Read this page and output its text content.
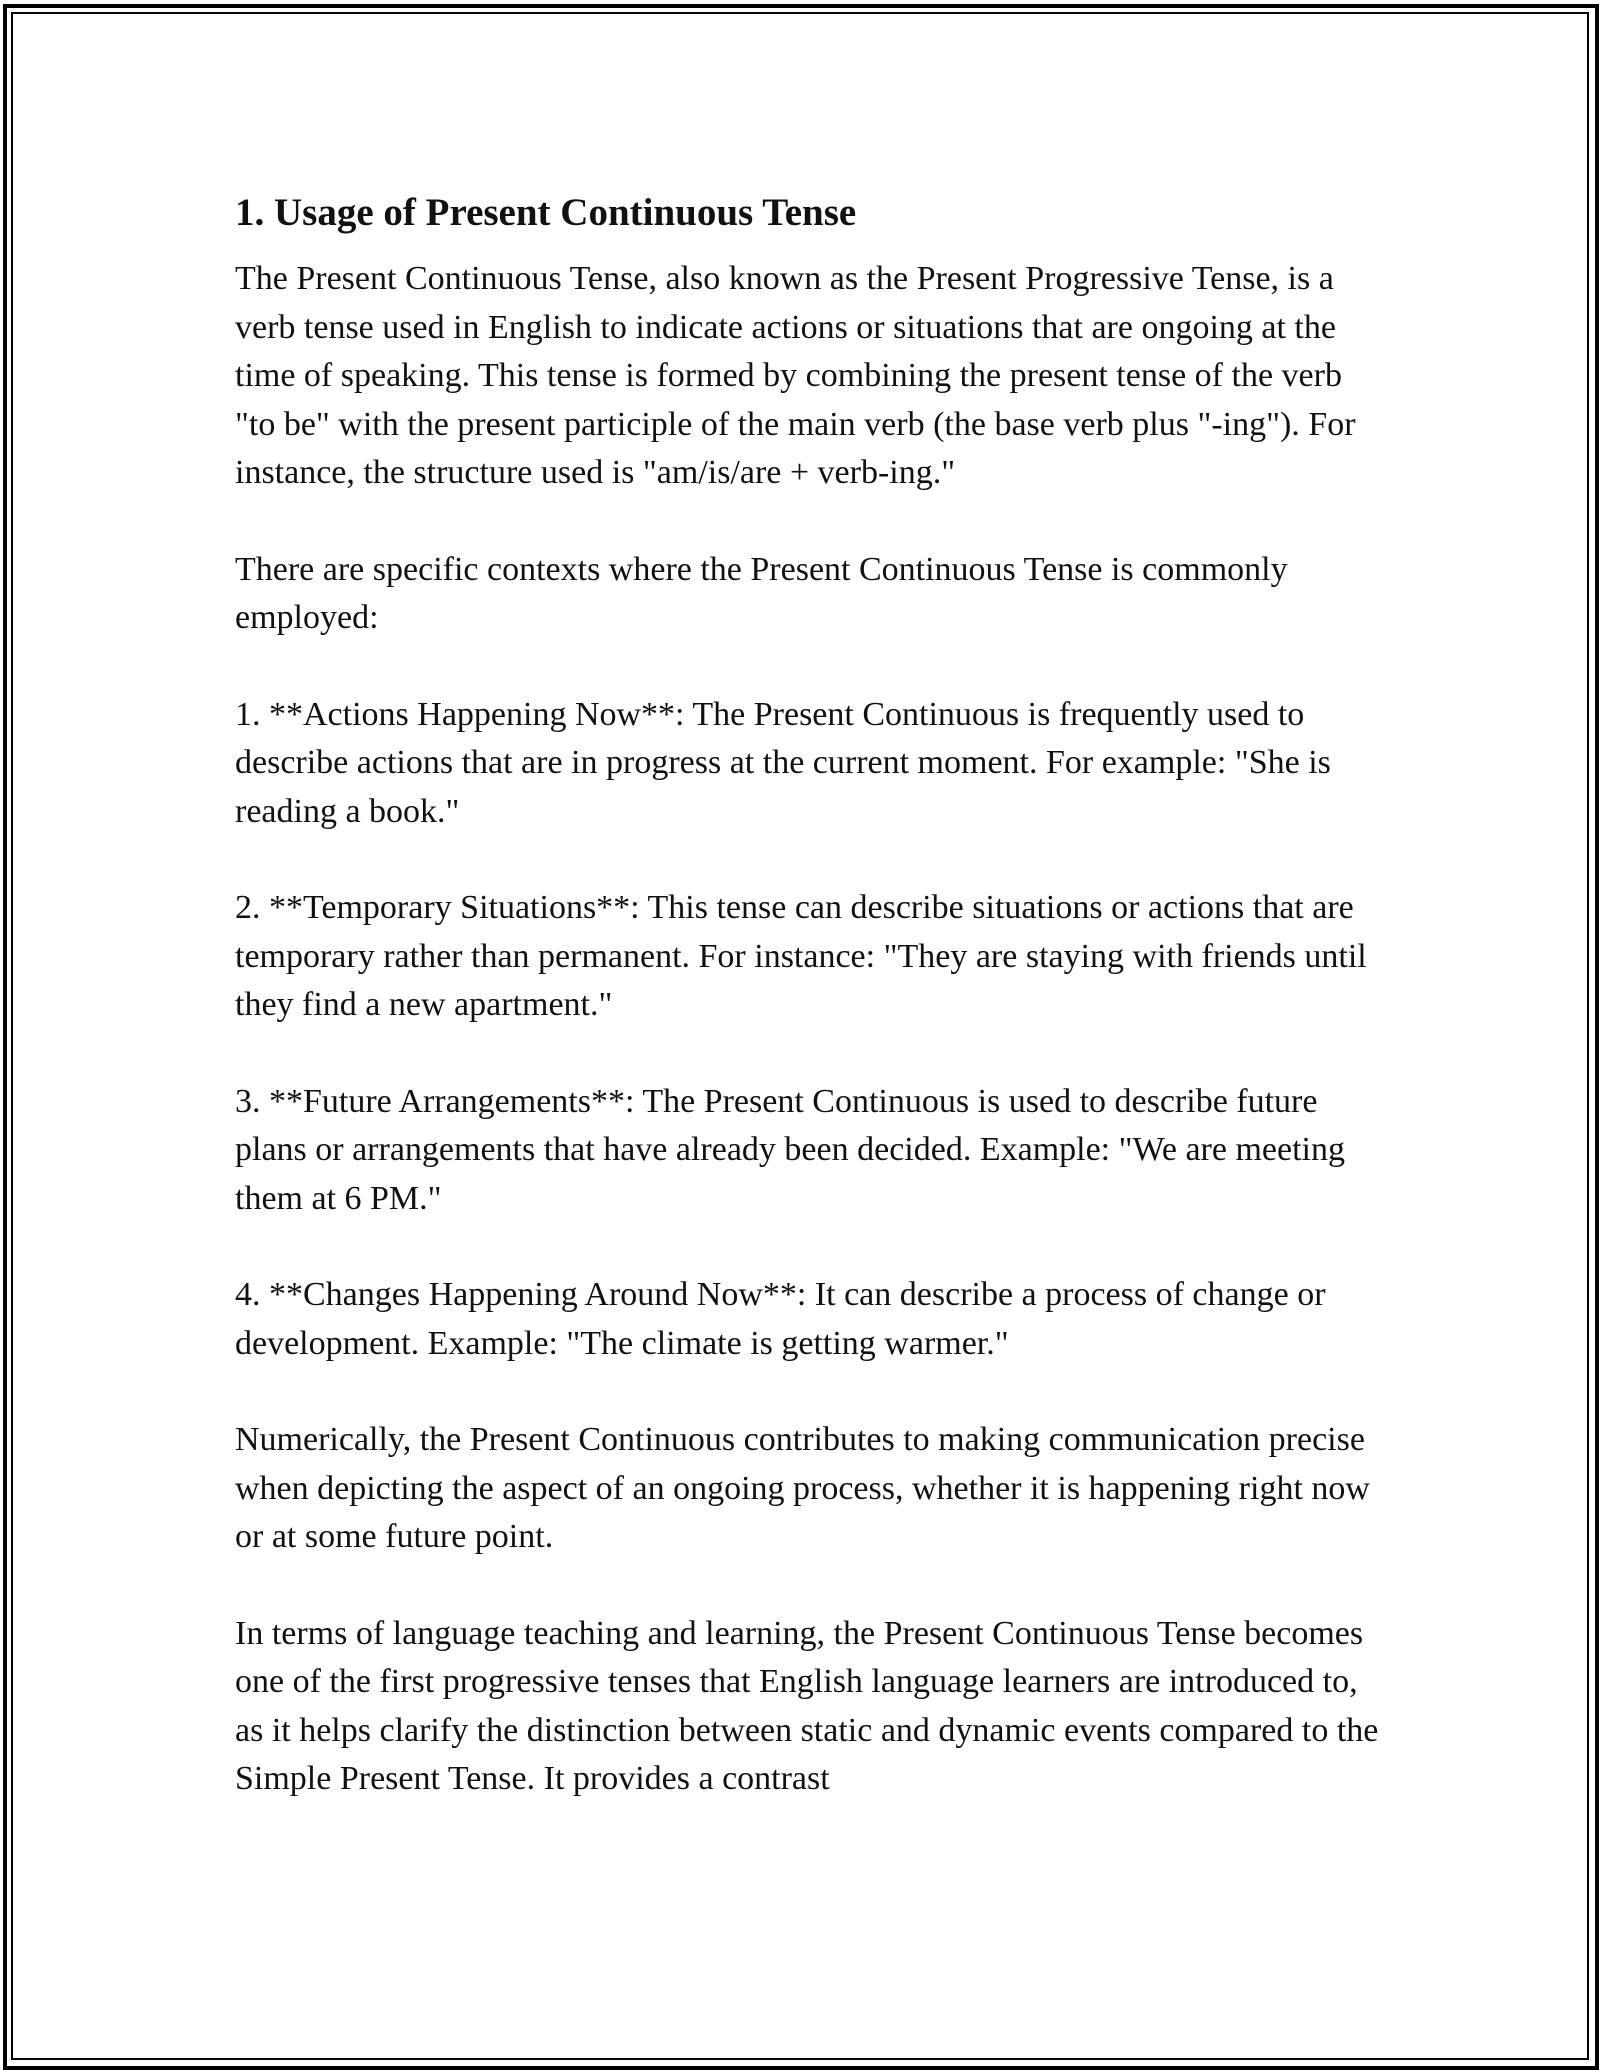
1. Usage of Present Continuous Tense

The Present Continuous Tense, also known as the Present Progressive Tense, is a verb tense used in English to indicate actions or situations that are ongoing at the time of speaking. This tense is formed by combining the present tense of the verb "to be" with the present participle of the main verb (the base verb plus "-ing"). For instance, the structure used is "am/is/are + verb-ing."

There are specific contexts where the Present Continuous Tense is commonly employed:

1. **Actions Happening Now**: The Present Continuous is frequently used to describe actions that are in progress at the current moment. For example: "She is reading a book."

2. **Temporary Situations**: This tense can describe situations or actions that are temporary rather than permanent. For instance: "They are staying with friends until they find a new apartment."

3. **Future Arrangements**: The Present Continuous is used to describe future plans or arrangements that have already been decided. Example: "We are meeting them at 6 PM."

4. **Changes Happening Around Now**: It can describe a process of change or development. Example: "The climate is getting warmer."

Numerically, the Present Continuous contributes to making communication precise when depicting the aspect of an ongoing process, whether it is happening right now or at some future point.

In terms of language teaching and learning, the Present Continuous Tense becomes one of the first progressive tenses that English language learners are introduced to, as it helps clarify the distinction between static and dynamic events compared to the Simple Present Tense. It provides a contrast
